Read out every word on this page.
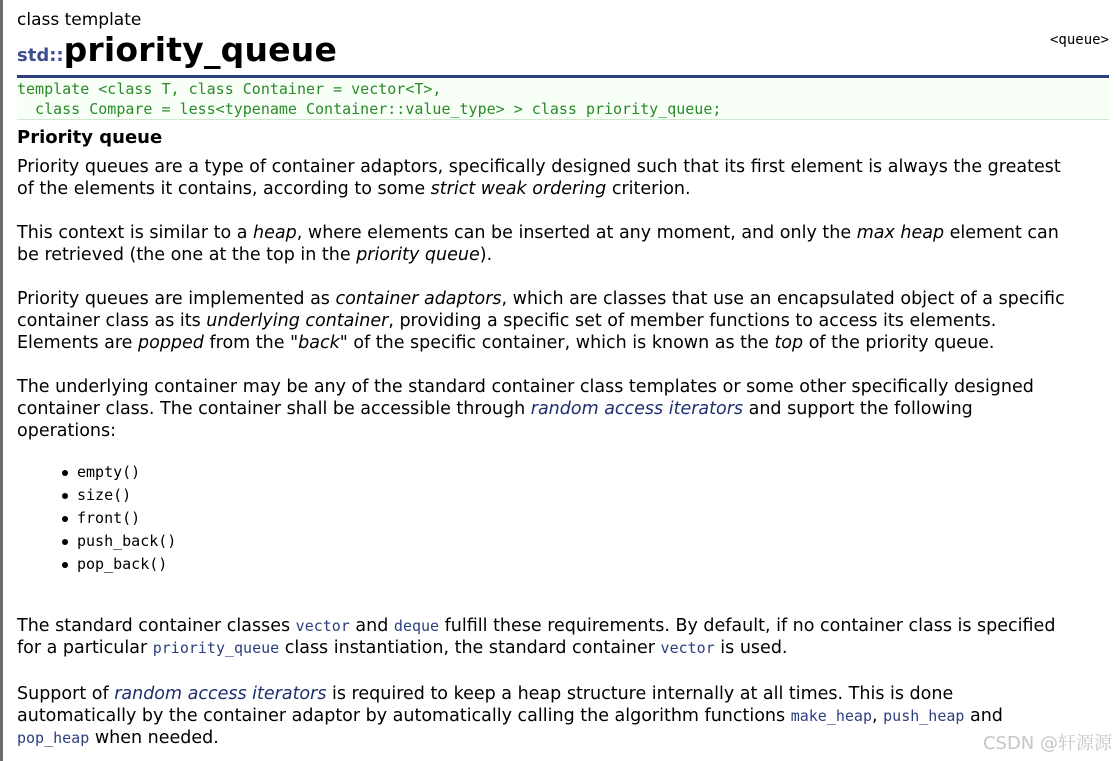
class template
std::priority_queue	<queue>
template <class T, class Container = vector<T>,
class Compare = less<typename Container::value_type> > class priority_queue;
Priority queue
Priority queues are a type of container adaptors, specifically designed such that its first element is always the greatest
of the elements it contains, according to some strict weak ordering criterion.
This context is similar to a heap, where elements can be inserted at any moment, and only the max heap element can
be retrieved (the one at the top in the priority queue).
Priority queues are implemented as container adaptors, which are classes that use an encapsulated object of a specific
container class as its underlying container, providing a specific set of member functions to access its elements.
Elements are popped from the "back" of the specific container, which is known as the top of the priority queue.
The underlying container may be any of the standard container class templates or some other specifically designed
container class. The container shall be accessible through random access iterators and support the following
operations:
empty()
size()
front()
push_back()
pop_back()
The standard container classes vector and deque fulfill these requirements. By default, if no container class is specified
for a particular priority_queue class instantiation, the standard container vector is used.
Support of random access iterators is required to keep a heap structure internally at all times. This is done
automatically by the container adaptor by automatically calling the algorithm functions make_heap, push_heap and
pop_heap when needed.	CSDN @轩源源
